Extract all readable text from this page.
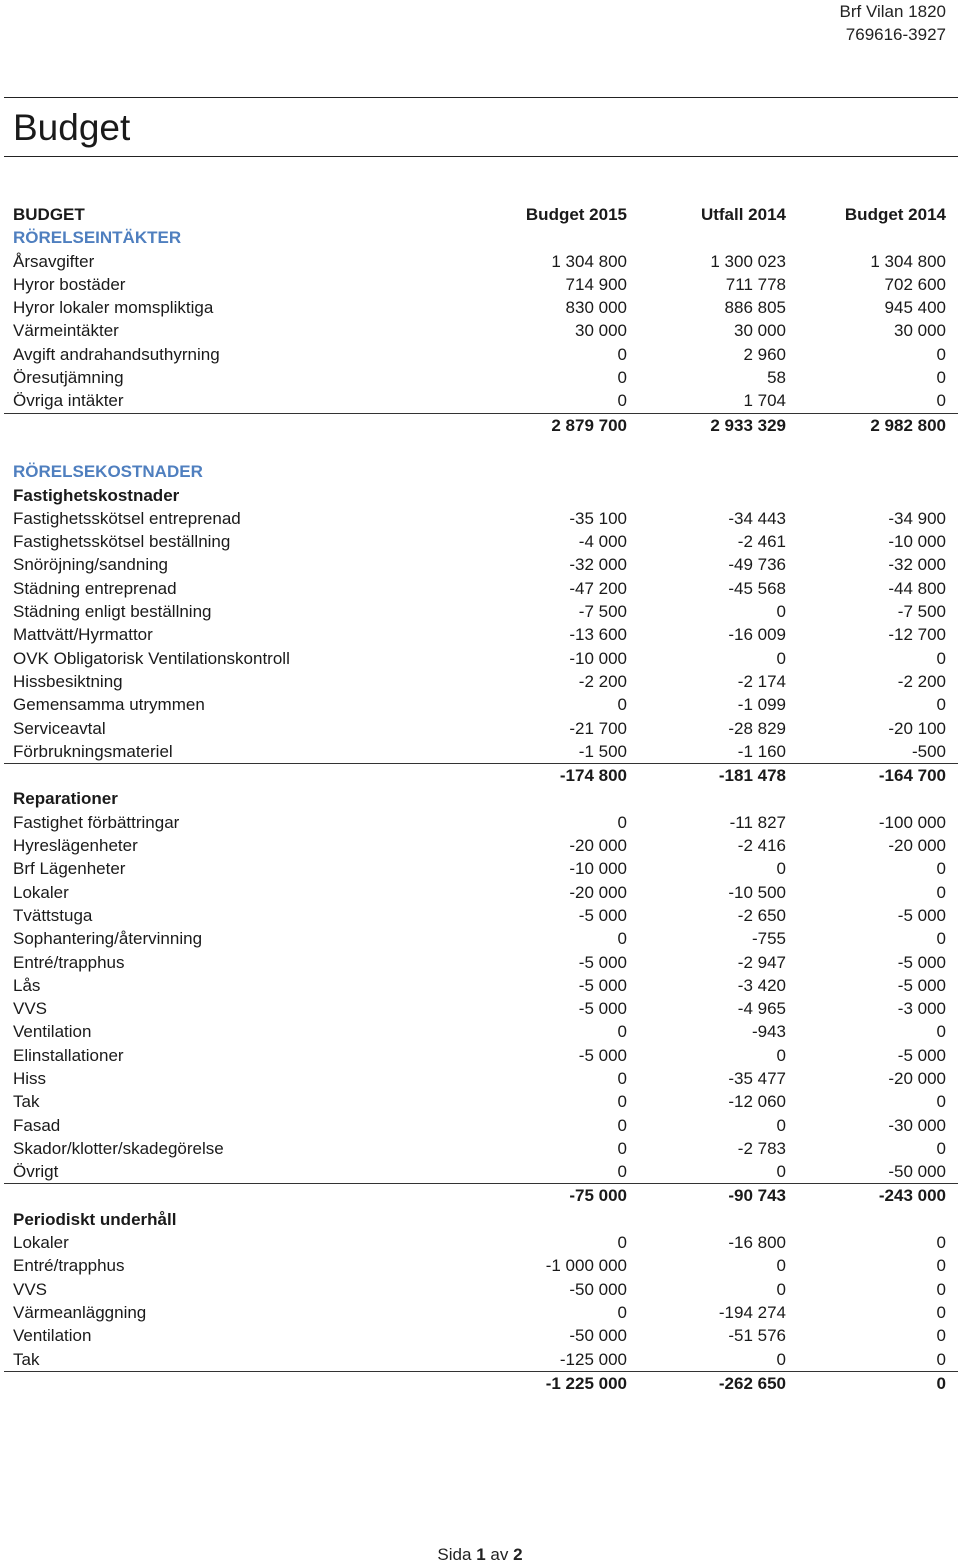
Brf Vilan 1820
769616-3927
Budget
BUDGET	Budget 2015	Utfall 2014	Budget 2014
RÖRELSEINTÄKTER
Årsavgifter	1 304 800	1 300 023	1 304 800
Hyror bostäder	714 900	711 778	702 600
Hyror lokaler momspliktiga	830 000	886 805	945 400
Värmeintäkter	30 000	30 000	30 000
Avgift andrahandsuthyrning	0	2 960	0
Öresutjämning	0	58	0
Övriga intäkter	0	1 704	0
2 879 700	2 933 329	2 982 800
RÖRELSEKOSTNADER
Fastighetskostnader
Fastighetsskötsel entreprenad	-35 100	-34 443	-34 900
Fastighetsskötsel beställning	-4 000	-2 461	-10 000
Snöröjning/sandning	-32 000	-49 736	-32 000
Städning entreprenad	-47 200	-45 568	-44 800
Städning enligt beställning	-7 500	0	-7 500
Mattvätt/Hyrmattor	-13 600	-16 009	-12 700
OVK Obligatorisk Ventilationskontroll	-10 000	0	0
Hissbesiktning	-2 200	-2 174	-2 200
Gemensamma utrymmen	0	-1 099	0
Serviceavtal	-21 700	-28 829	-20 100
Förbrukningsmateriel	-1 500	-1 160	-500
-174 800	-181 478	-164 700
Reparationer
Fastighet förbättringar	0	-11 827	-100 000
Hyreslägenheter	-20 000	-2 416	-20 000
Brf Lägenheter	-10 000	0	0
Lokaler	-20 000	-10 500	0
Tvättstuga	-5 000	-2 650	-5 000
Sophantering/återvinning	0	-755	0
Entré/trapphus	-5 000	-2 947	-5 000
Lås	-5 000	-3 420	-5 000
VVS	-5 000	-4 965	-3 000
Ventilation	0	-943	0
Elinstallationer	-5 000	0	-5 000
Hiss	0	-35 477	-20 000
Tak	0	-12 060	0
Fasad	0	0	-30 000
Skador/klotter/skadegörelse	0	-2 783	0
Övrigt	0	0	-50 000
-75 000	-90 743	-243 000
Periodiskt underhåll
Lokaler	0	-16 800	0
Entré/trapphus	-1 000 000	0	0
VVS	-50 000	0	0
Värmeanläggning	0	-194 274	0
Ventilation	-50 000	-51 576	0
Tak	-125 000	0	0
-1 225 000	-262 650	0
Sida 1 av 2
